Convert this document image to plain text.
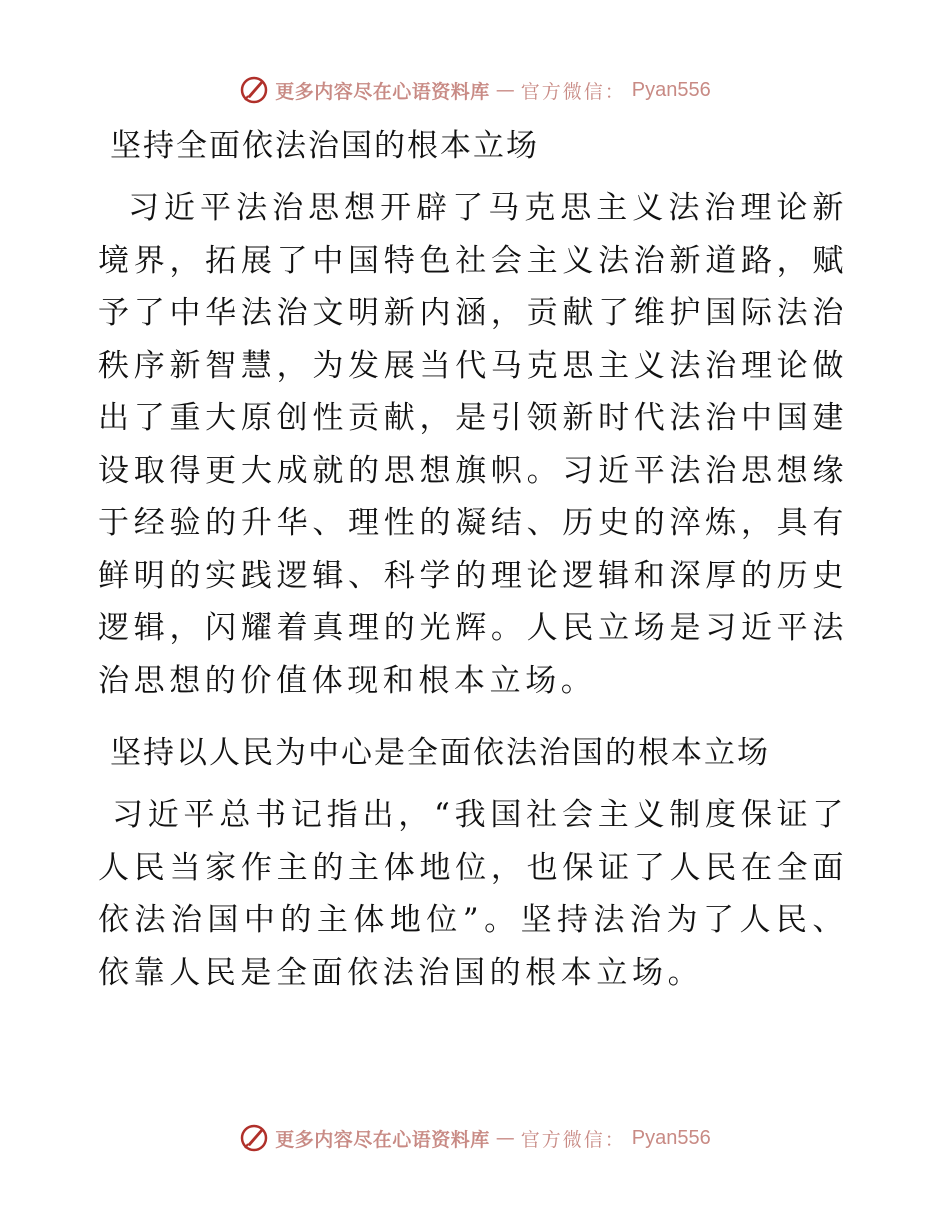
更多内容尽在心语资料库 — 官方微信： Pyan556
坚持全面依法治国的根本立场

习近平法治思想开辟了马克思主义法治理论新境界，拓展了中国特色社会主义法治新道路，赋予了中华法治文明新内涵，贡献了维护国际法治秩序新智慧，为发展当代马克思主义法治理论做出了重大原创性贡献，是引领新时代法治中国建设取得更大成就的思想旗帜。习近平法治思想缘于经验的升华、理性的凝结、历史的淬炼，具有鲜明的实践逻辑、科学的理论逻辑和深厚的历史逻辑，闪耀着真理的光辉。人民立场是习近平法治思想的价值体现和根本立场。

坚持以人民为中心是全面依法治国的根本立场

习近平总书记指出，“我国社会主义制度保证了人民当家作主的主体地位，也保证了人民在全面依法治国中的主体地位”。坚持法治为了人民、依靠人民是全面依法治国的根本立场。

更多内容尽在心语资料库 — 官方微信： Pyan556
